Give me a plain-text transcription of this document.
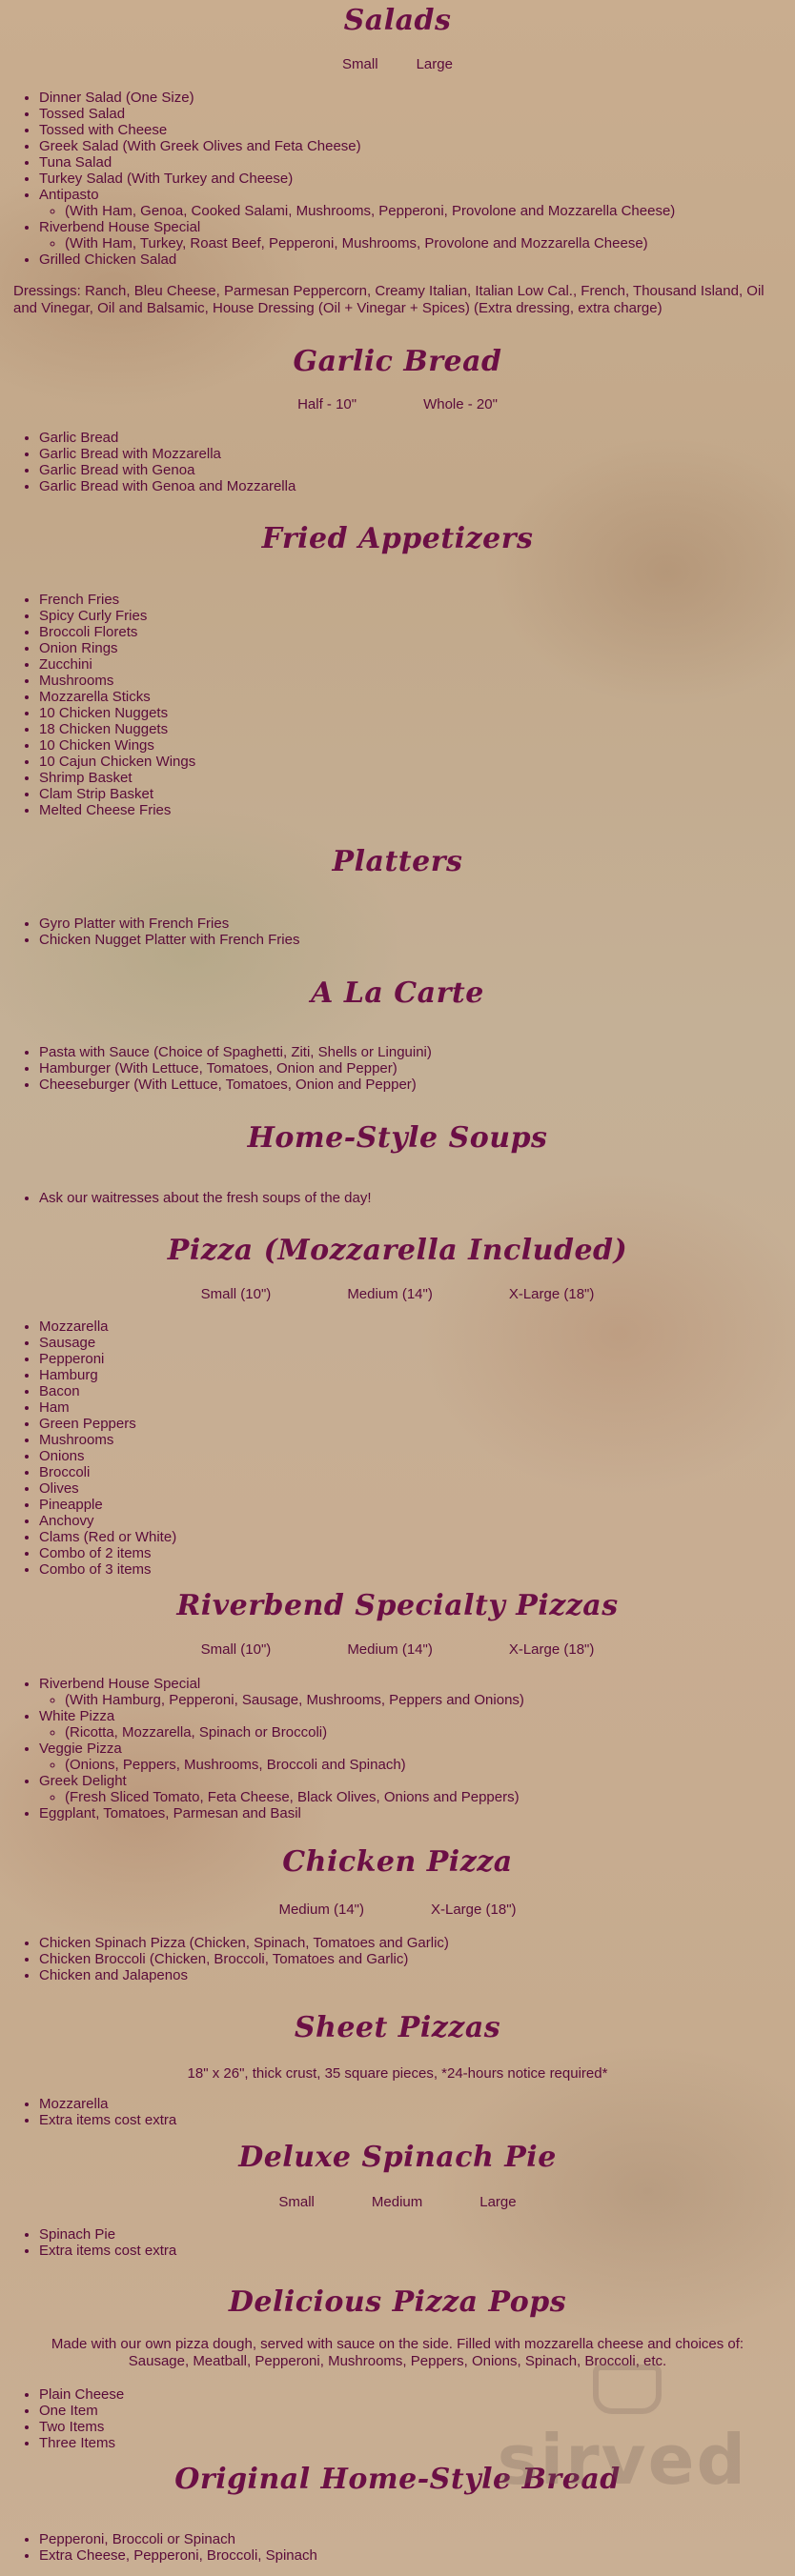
Salads
Small	Large
• Dinner Salad (One Size)
• Tossed Salad
• Tossed with Cheese
• Greek Salad (With Greek Olives and Feta Cheese)
• Tuna Salad
• Turkey Salad (With Turkey and Cheese)
• Antipasto
◦ (With Ham, Genoa, Cooked Salami, Mushrooms, Pepperoni, Provolone and Mozzarella Cheese)
• Riverbend House Special
◦ (With Ham, Turkey, Roast Beef, Pepperoni, Mushrooms, Provolone and Mozzarella Cheese)
• Grilled Chicken Salad

Dressings: Ranch, Bleu Cheese, Parmesan Peppercorn, Creamy Italian, Italian Low Cal., French, Thousand Island, Oil and Vinegar, Oil and Balsamic, House Dressing (Oil + Vinegar + Spices) (Extra dressing, extra charge)

Garlic Bread
Half - 10"	Whole - 20"
• Garlic Bread
• Garlic Bread with Mozzarella
• Garlic Bread with Genoa
• Garlic Bread with Genoa and Mozzarella
Fried Appetizers
• French Fries
• Spicy Curly Fries
• Broccoli Florets
• Onion Rings
• Zucchini
• Mushrooms
• Mozzarella Sticks
• 10 Chicken Nuggets
• 18 Chicken Nuggets
• 10 Chicken Wings
• 10 Cajun Chicken Wings
• Shrimp Basket
• Clam Strip Basket
• Melted Cheese Fries
Platters
• Gyro Platter with French Fries
• Chicken Nugget Platter with French Fries
A La Carte
• Pasta with Sauce (Choice of Spaghetti, Ziti, Shells or Linguini)
• Hamburger (With Lettuce, Tomatoes, Onion and Pepper)
• Cheeseburger (With Lettuce, Tomatoes, Onion and Pepper)
Home-Style Soups
• Ask our waitresses about the fresh soups of the day!
Pizza (Mozzarella Included)
Small (10")	Medium (14")	X-Large (18")
• Mozzarella
• Sausage
• Pepperoni
• Hamburg
• Bacon
• Ham
• Green Peppers
• Mushrooms
• Onions
• Broccoli
• Olives
• Pineapple
• Anchovy
• Clams (Red or White)
• Combo of 2 items
• Combo of 3 items
Riverbend Specialty Pizzas
Small (10")	Medium (14")	X-Large (18")
• Riverbend House Special
◦ (With Hamburg, Pepperoni, Sausage, Mushrooms, Peppers and Onions)
• White Pizza
◦ (Ricotta, Mozzarella, Spinach or Broccoli)
• Veggie Pizza
◦ (Onions, Peppers, Mushrooms, Broccoli and Spinach)
• Greek Delight
◦ (Fresh Sliced Tomato, Feta Cheese, Black Olives, Onions and Peppers)
• Eggplant, Tomatoes, Parmesan and Basil
Chicken Pizza
Medium (14")	X-Large (18")
• Chicken Spinach Pizza (Chicken, Spinach, Tomatoes and Garlic)
• Chicken Broccoli (Chicken, Broccoli, Tomatoes and Garlic)
• Chicken and Jalapenos
Sheet Pizzas
18" x 26", thick crust, 35 square pieces, *24-hours notice required*
• Mozzarella
• Extra items cost extra
Deluxe Spinach Pie
Small	Medium	Large
• Spinach Pie
• Extra items cost extra
Delicious Pizza Pops

Made with our own pizza dough, served with sauce on the side. Filled with mozzarella cheese and choices of: Sausage, Meatball, Pepperoni, Mushrooms, Peppers, Onions, Spinach, Broccoli, etc.

• Plain Cheese
• One Item
• Two Items
• Three Items
Original Home-Style Bread
• Pepperoni, Broccoli or Spinach
• Extra Cheese, Pepperoni, Broccoli, Spinach
sirved
